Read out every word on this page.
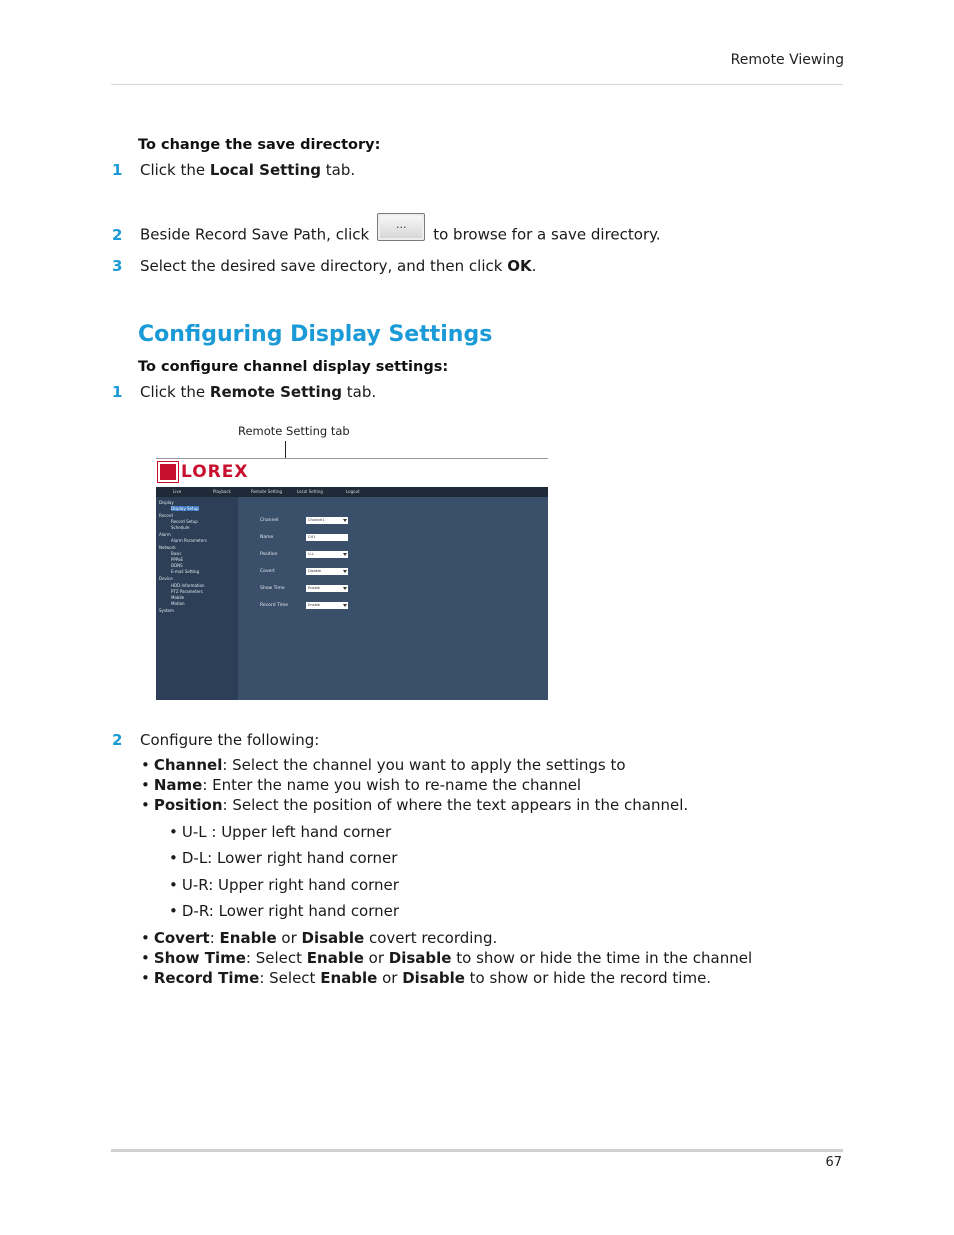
Remote Viewing
To change the save directory:
1 Click the Local Setting tab.
2 Beside Record Save Path, click...to browse for a save directory.
3 Select the desired save directory, and then click OK.
Configuring Display Settings
To configure channel display settings:
1 Click the Remote Setting tab.
Remote Setting tab
LOREX
Live	Playback	Remote Setting	Local Setting	Logout
Display
Display Setup
Record
Record Setup
Schedule
Alarm
Alarm Parameters
Network
Basic
PPPoE
DDNS
E-mail Setting
Device
HDD Information
PTZ Parameters
Mobile
Motion
System
Channel	Channel1
Name	CH1
Position	U-L
Covert	Disable
Show Time	Enable
Record Time	Enable
2 Configure the following:
• Channel: Select the channel you want to apply the settings to
• Name: Enter the name you wish to re-name the channel
• Position: Select the position of where the text appears in the channel.
• U-L : Upper left hand corner
• D-L: Lower right hand corner
• U-R: Upper right hand corner
• D-R: Lower right hand corner
• Covert: Enable or Disable covert recording.
• Show Time: Select Enable or Disable to show or hide the time in the channel
• Record Time: Select Enable or Disable to show or hide the record time.
67
